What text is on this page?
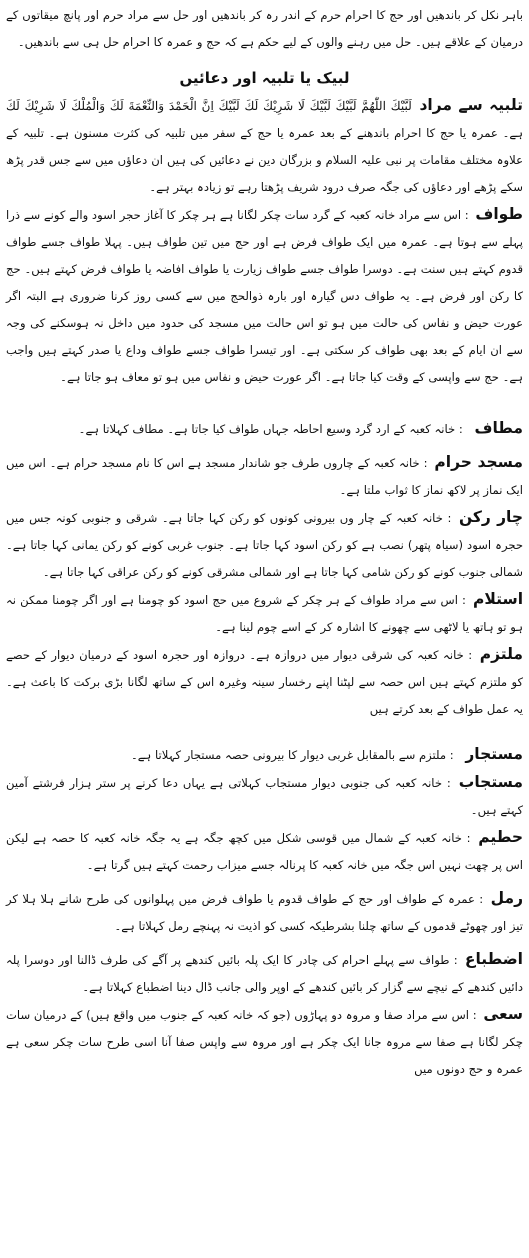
باہر نکل کر باندھیں اور حج کا احرام حرم کے اندر رہ کر باندھیں اور حل سے مراد حرم اور پانچ میقاتوں کے درمیان کے علاقے ہیں۔ حل میں رہنے والوں کے لیے حکم ہے کہ حج و عمرہ کا احرام حل ہی سے باندھیں۔

لبیک یا تلبیہ اور دعائیں

تلبیہ سے مراد لَبَّيْكَ اللّٰهُمَّ لَبَّيْكَ لَبَّيْكَ لَا شَرِيْكَ لَكَ لَبَّيْكَ اِنَّ الْحَمْدَ وَالنِّعْمَةَ لَكَ وَالْمُلْكَ لَا شَرِيْكَ لَكَ ہے۔ عمرہ یا حج کا احرام باندھنے کے بعد عمرہ یا حج کے سفر میں تلبیہ کی کثرت مسنون ہے۔ تلبیہ کے علاوہ مختلف مقامات پر نبی علیہ السلام و بزرگان دین نے دعائیں کی ہیں ان دعاؤں میں سے جس قدر پڑھ سکے پڑھے اور دعاؤں کی جگہ صرف درود شریف پڑھتا رہے تو زیادہ بہتر ہے۔

طواف : اس سے مراد خانہ کعبہ کے گرد سات چکر لگانا ہے ہر چکر کا آغاز حجر اسود والے کونے سے ذرا پہلے سے ہوتا ہے۔ عمرہ میں ایک طواف فرض ہے اور حج میں تین طواف ہیں۔ پہلا طواف جسے طواف قدوم کہتے ہیں سنت ہے۔ دوسرا طواف جسے طواف زیارت یا طواف افاضہ یا طواف فرض کہتے ہیں۔ حج کا رکن اور فرض ہے۔ یہ طواف دس گیارہ اور بارہ ذوالحج میں سے کسی روز کرنا ضروری ہے البتہ اگر عورت حیض و نفاس کی حالت میں ہو تو اس حالت میں مسجد کی حدود میں داخل نہ ہوسکنے کی وجہ سے ان ایام کے بعد بھی طواف کر سکتی ہے۔ اور تیسرا طواف جسے طواف وداع یا صدر کہتے ہیں واجب ہے۔ حج سے واپسی کے وقت کیا جاتا ہے۔ اگر عورت حیض و نفاس میں ہو تو معاف ہو جاتا ہے۔

مطاف : خانہ کعبہ کے ارد گرد وسیع احاطہ جہاں طواف کیا جاتا ہے۔ مطاف کہلاتا ہے۔

مسجد حرام : خانہ کعبہ کے چاروں طرف جو شاندار مسجد ہے اس کا نام مسجد حرام ہے۔ اس میں ایک نماز پر لاکھ نماز کا ثواب ملتا ہے۔

چار رکن : خانہ کعبہ کے چار وں بیرونی کونوں کو رکن کہا جاتا ہے۔ شرقی و جنوبی کونہ جس میں حجرہ اسود (سیاہ پتھر) نصب ہے کو رکن اسود کہا جاتا ہے۔ جنوب غربی کونے کو رکن یمانی کہا جاتا ہے۔ شمالی جنوب کونے کو رکن شامی کہا جاتا ہے اور شمالی مشرقی کونے کو رکن عراقی کہا جاتا ہے۔

استلام : اس سے مراد طواف کے ہر چکر کے شروع میں حج اسود کو چومنا ہے اور اگر چومنا ممکن نہ ہو تو ہاتھ یا لاٹھی سے چھونے کا اشارہ کر کے اسے چوم لینا ہے۔

ملتزم : خانہ کعبہ کی شرقی دیوار میں دروازہ ہے۔ دروازہ اور حجرہ اسود کے درمیان دیوار کے حصے کو ملتزم کہتے ہیں اس حصہ سے لپٹنا اپنے رخسار سینہ وغیرہ اس کے ساتھ لگانا بڑی برکت کا باعث ہے۔ یہ عمل طواف کے بعد کرتے ہیں

مستجار : ملتزم سے بالمقابل غربی دیوار کا بیرونی حصہ مستجار کہلاتا ہے۔

مستجاب : خانہ کعبہ کی جنوبی دیوار مستجاب کہلاتی ہے یہاں دعا کرنے پر ستر ہزار فرشتے آمین کہتے ہیں۔

حطیم : خانہ کعبہ کے شمال میں قوسی شکل میں کچھ جگہ ہے یہ جگہ خانہ کعبہ کا حصہ ہے لیکن اس پر چھت نہیں اس جگہ میں خانہ کعبہ کا پرنالہ جسے میزاب رحمت کہتے ہیں گرتا ہے۔

رمل : عمرہ کے طواف اور حج کے طواف قدوم یا طواف فرض میں پہلوانوں کی طرح شانے ہلا ہلا کر تیز اور چھوٹے قدموں کے ساتھ چلنا بشرطیکہ کسی کو اذیت نہ پہنچے رمل کہلاتا ہے۔

اضطباع : طواف سے پہلے احرام کی چادر کا ایک پلہ بائیں کندھے پر آگے کی طرف ڈالنا اور دوسرا پلہ دائیں کندھے کے نیچے سے گزار کر بائیں کندھے کے اوپر والی جانب ڈال دینا اضطباع کہلاتا ہے۔

سعی : اس سے مراد صفا و مروہ دو پہاڑوں (جو کہ خانہ کعبہ کے جنوب میں واقع ہیں) کے درمیان سات چکر لگانا ہے صفا سے مروہ جانا ایک چکر ہے اور مروہ سے واپس صفا آنا اسی طرح سات چکر سعی ہے عمرہ و حج دونوں میں
